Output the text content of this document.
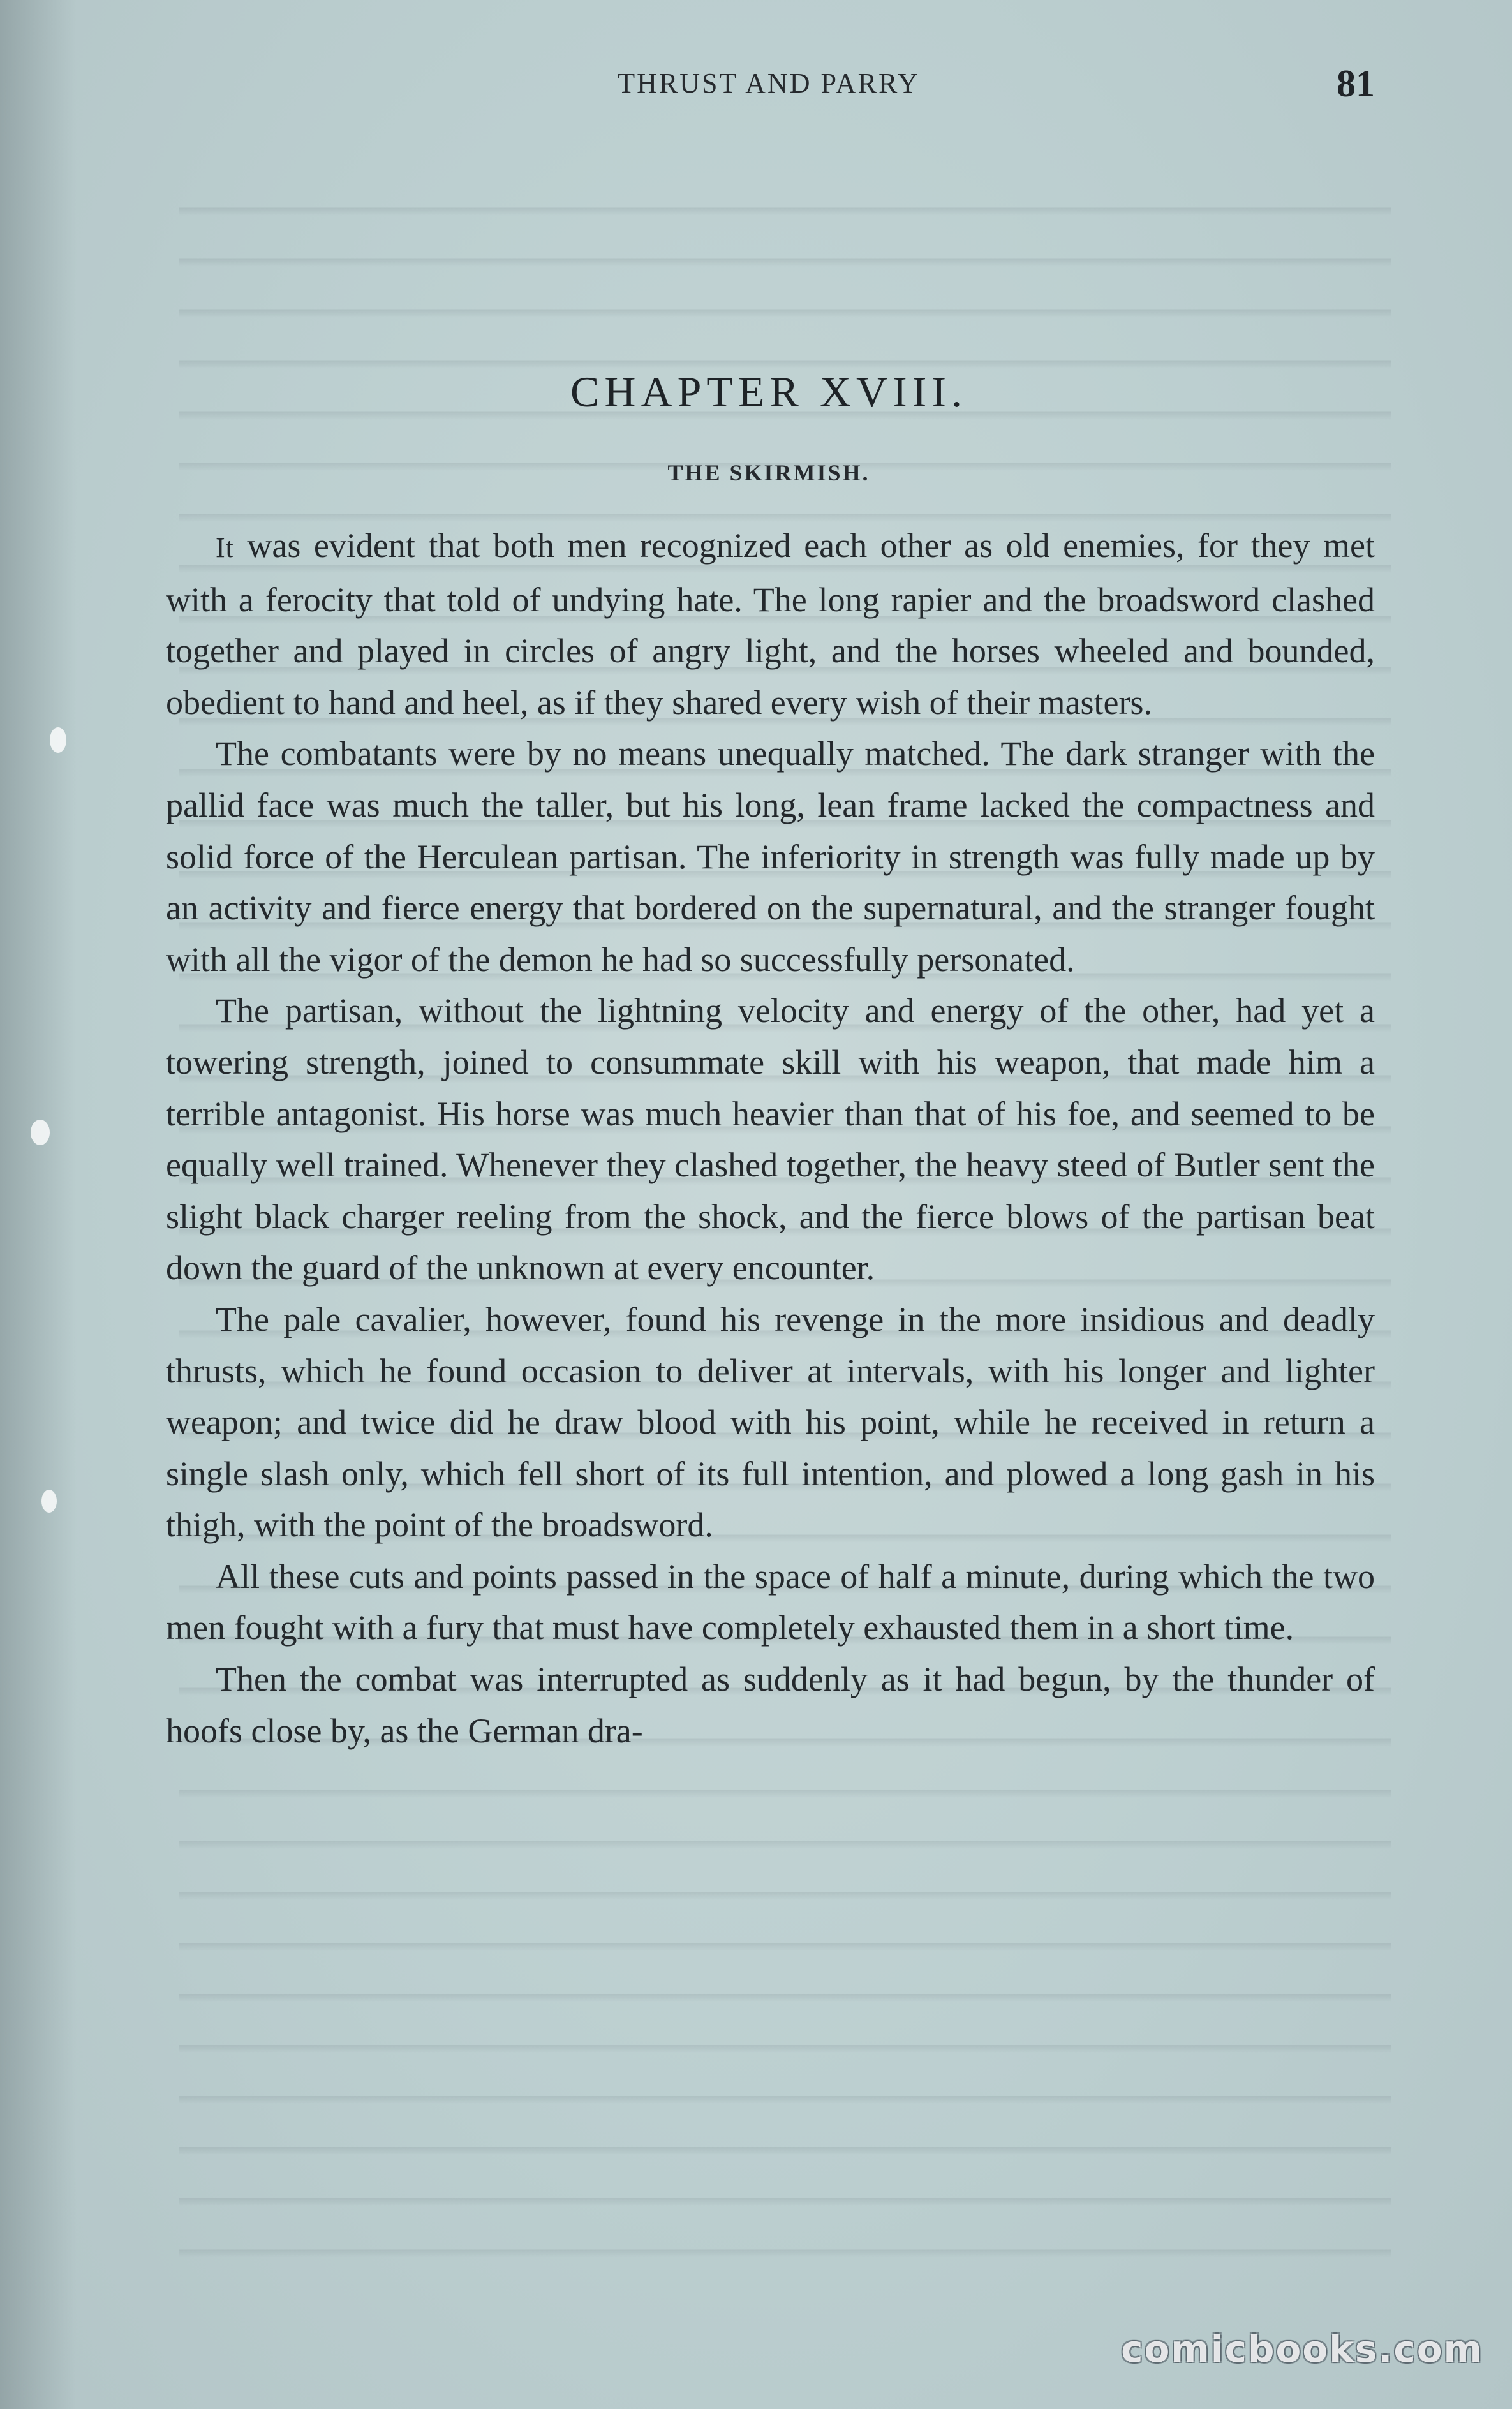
THRUST AND PARRY	81
CHAPTER XVIII.
THE SKIRMISH.

It was evident that both men recognized each other as old enemies, for they met with a ferocity that told of undying hate. The long rapier and the broadsword clashed together and played in circles of angry light, and the horses wheeled and bounded, obedient to hand and heel, as if they shared every wish of their masters.

The combatants were by no means unequally matched. The dark stranger with the pallid face was much the taller, but his long, lean frame lacked the compactness and solid force of the Herculean partisan. The inferiority in strength was fully made up by an activity and fierce energy that bordered on the supernatural, and the stranger fought with all the vigor of the demon he had so successfully personated.

The partisan, without the lightning velocity and energy of the other, had yet a towering strength, joined to consummate skill with his weapon, that made him a terrible antagonist. His horse was much heavier than that of his foe, and seemed to be equally well trained. Whenever they clashed together, the heavy steed of Butler sent the slight black charger reeling from the shock, and the fierce blows of the partisan beat down the guard of the unknown at every encounter.

The pale cavalier, however, found his revenge in the more insidious and deadly thrusts, which he found occasion to deliver at intervals, with his longer and lighter weapon; and twice did he draw blood with his point, while he received in return a single slash only, which fell short of its full intention, and plowed a long gash in his thigh, with the point of the broadsword.

All these cuts and points passed in the space of half a minute, during which the two men fought with a fury that must have completely exhausted them in a short time.

Then the combat was interrupted as suddenly as it had begun, by the thunder of hoofs close by, as the German dra-

comicbooks.com
